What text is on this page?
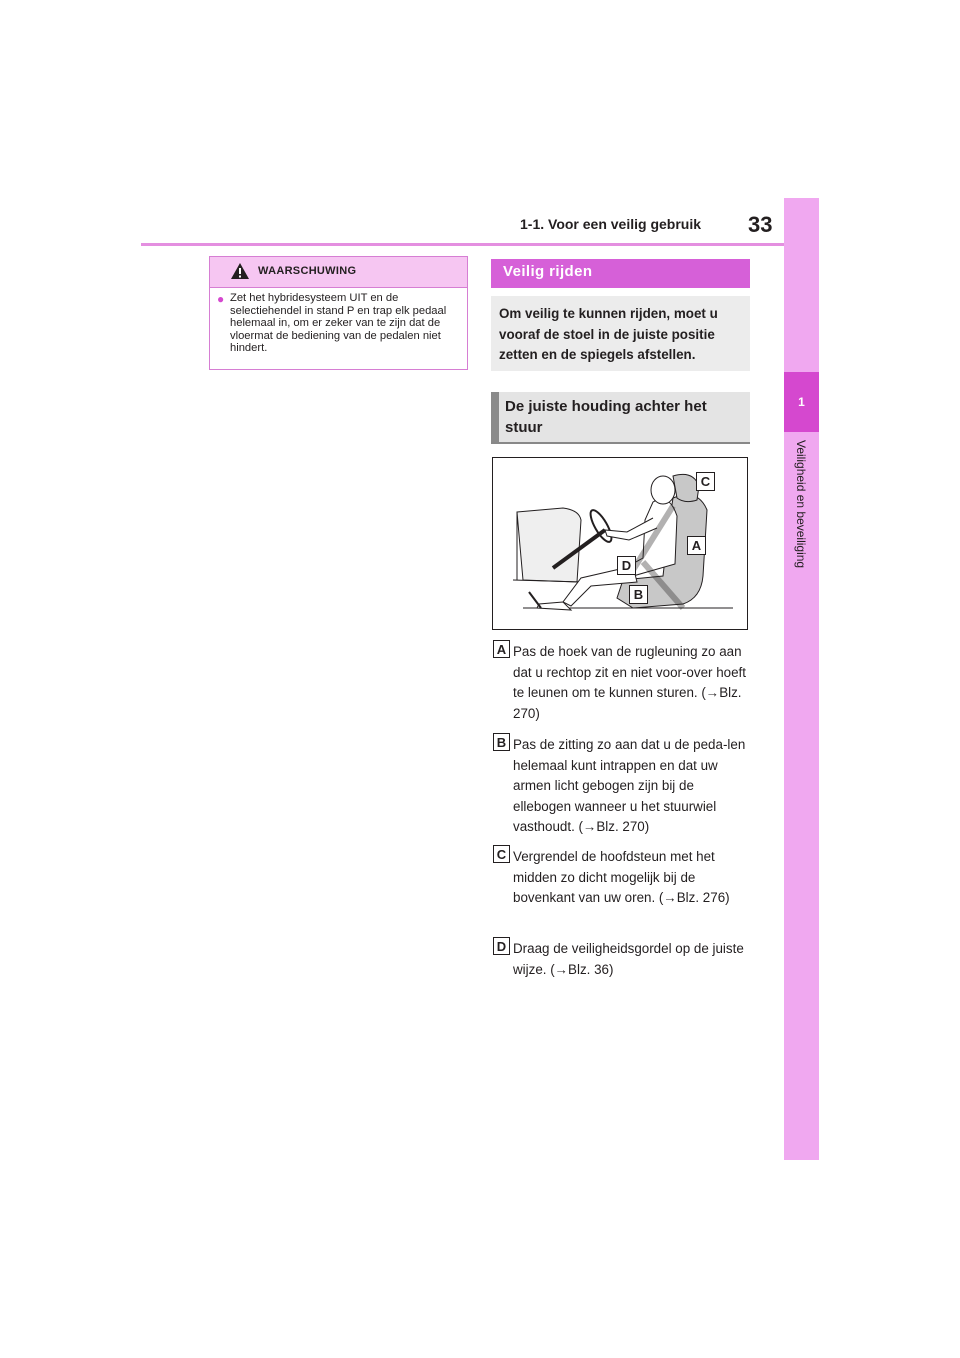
1-1. Voor een veilig gebruik 33
1
Veiligheid en beveiliging
WAARSCHUWING
● Zet het hybridesysteem UIT en de selectiehendel in stand P en trap elk pedaal helemaal in, om er zeker van te zijn dat de vloermat de bediening van de pedalen niet hindert.
Veilig rijden
Om veilig te kunnen rijden, moet u vooraf de stoel in de juiste positie zetten en de spiegels afstellen.
De juiste houding achter het stuur
C
A
D
B
A Pas de hoek van de rugleuning zo aan dat u rechtop zit en niet voor-over hoeft te leunen om te kunnen sturen. (→Blz. 270)
B Pas de zitting zo aan dat u de peda-len helemaal kunt intrappen en dat uw armen licht gebogen zijn bij de ellebogen wanneer u het stuurwiel vasthoudt. (→Blz. 270)
C Vergrendel de hoofdsteun met het midden zo dicht mogelijk bij de bovenkant van uw oren. (→Blz. 276)
D Draag de veiligheidsgordel op de juiste wijze. (→Blz. 36)
